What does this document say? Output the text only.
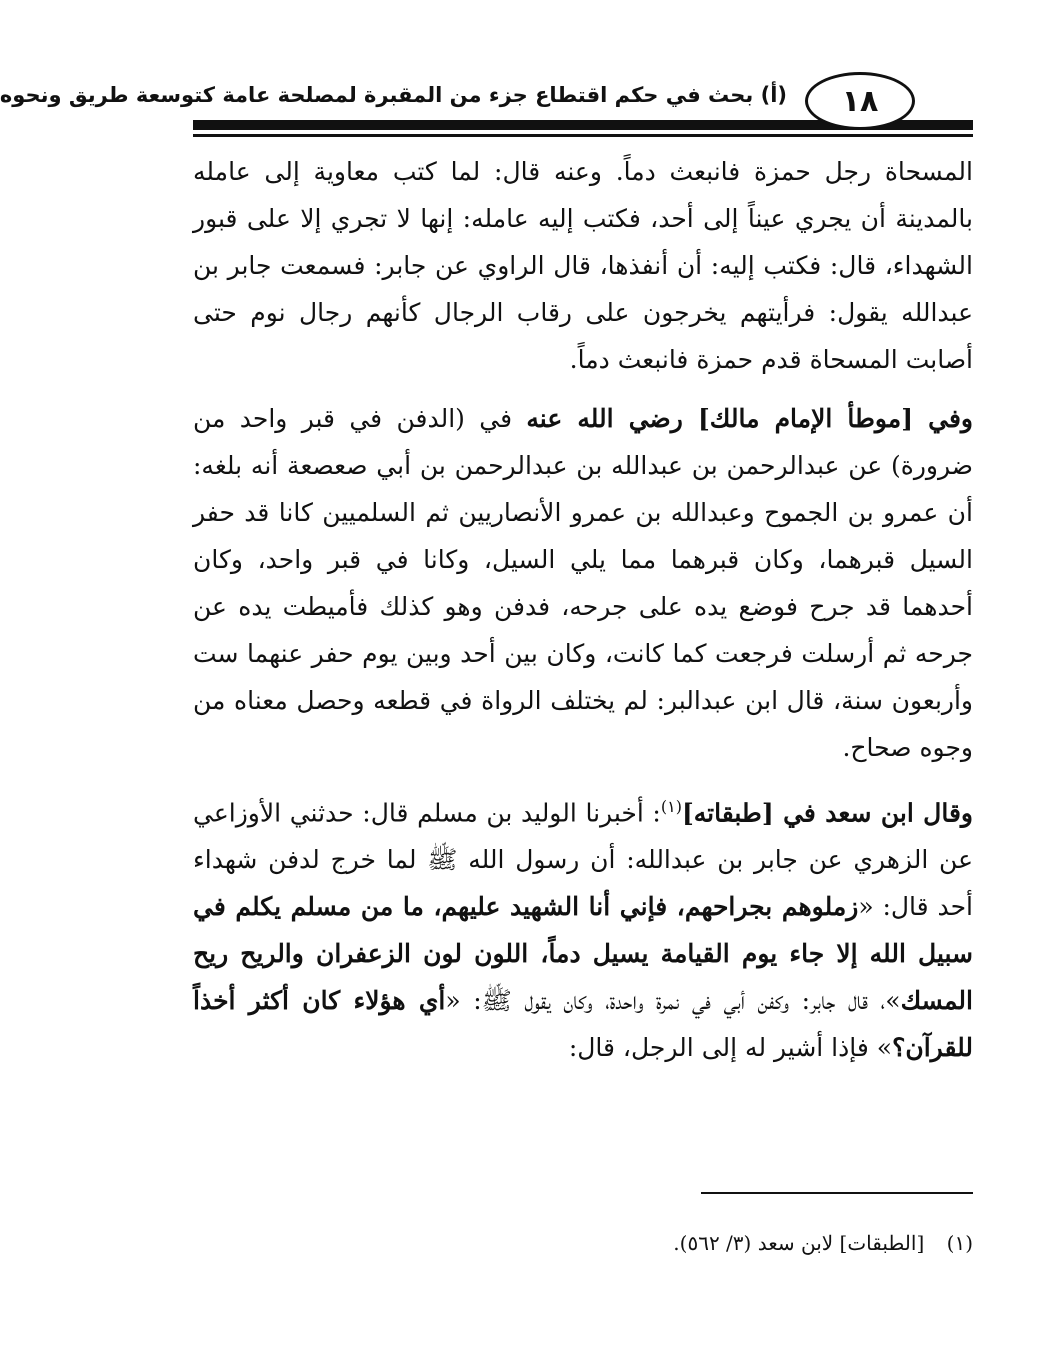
١٨
(أ) بحث في حكم اقتطاع جزء من المقبرة لمصلحة عامة كتوسعة طريق ونحوه

المسحاة رجل حمزة فانبعث دماً. وعنه قال: لما كتب معاوية إلى عامله بالمدينة أن يجري عيناً إلى أحد، فكتب إليه عامله: إنها لا تجري إلا على قبور الشهداء، قال: فكتب إليه: أن أنفذها، قال الراوي عن جابر: فسمعت جابر بن عبدالله يقول: فرأيتهم يخرجون على رقاب الرجال كأنهم رجال نوم حتى أصابت المسحاة قدم حمزة فانبعث دماً.

وفي [موطأ الإمام مالك] رضي الله عنه في (الدفن في قبر واحد من ضرورة) عن عبدالرحمن بن عبدالله بن عبدالرحمن بن أبي صعصعة أنه بلغه: أن عمرو بن الجموح وعبدالله بن عمرو الأنصاريين ثم السلميين كانا قد حفر السيل قبرهما، وكان قبرهما مما يلي السيل، وكانا في قبر واحد، وكان أحدهما قد جرح فوضع يده على جرحه، فدفن وهو كذلك فأميطت يده عن جرحه ثم أرسلت فرجعت كما كانت، وكان بين أحد وبين يوم حفر عنهما ست وأربعون سنة، قال ابن عبدالبر: لم يختلف الرواة في قطعه وحصل معناه من وجوه صحاح.

وقال ابن سعد في [طبقاته]$^{(١)}$: أخبرنا الوليد بن مسلم قال: حدثني الأوزاعي عن الزهري عن جابر بن عبدالله: أن رسول الله ﷺ لما خرج لدفن شهداء أحد قال: «زملوهم بجراحهم، فإني أنا الشهيد عليهم، ما من مسلم يكلم في سبيل الله إلا جاء يوم القيامة يسيل دماً، اللون لون الزعفران والريح ريح المسك»، قال جابر: وكفن أبي في نمرة واحدة، وكان يقول ﷺ: «أي هؤلاء كان أكثر أخذاً للقرآن؟» فإذا أشير له إلى الرجل، قال:

(١) [الطبقات] لابن سعد (٣/ ٥٦٢).
